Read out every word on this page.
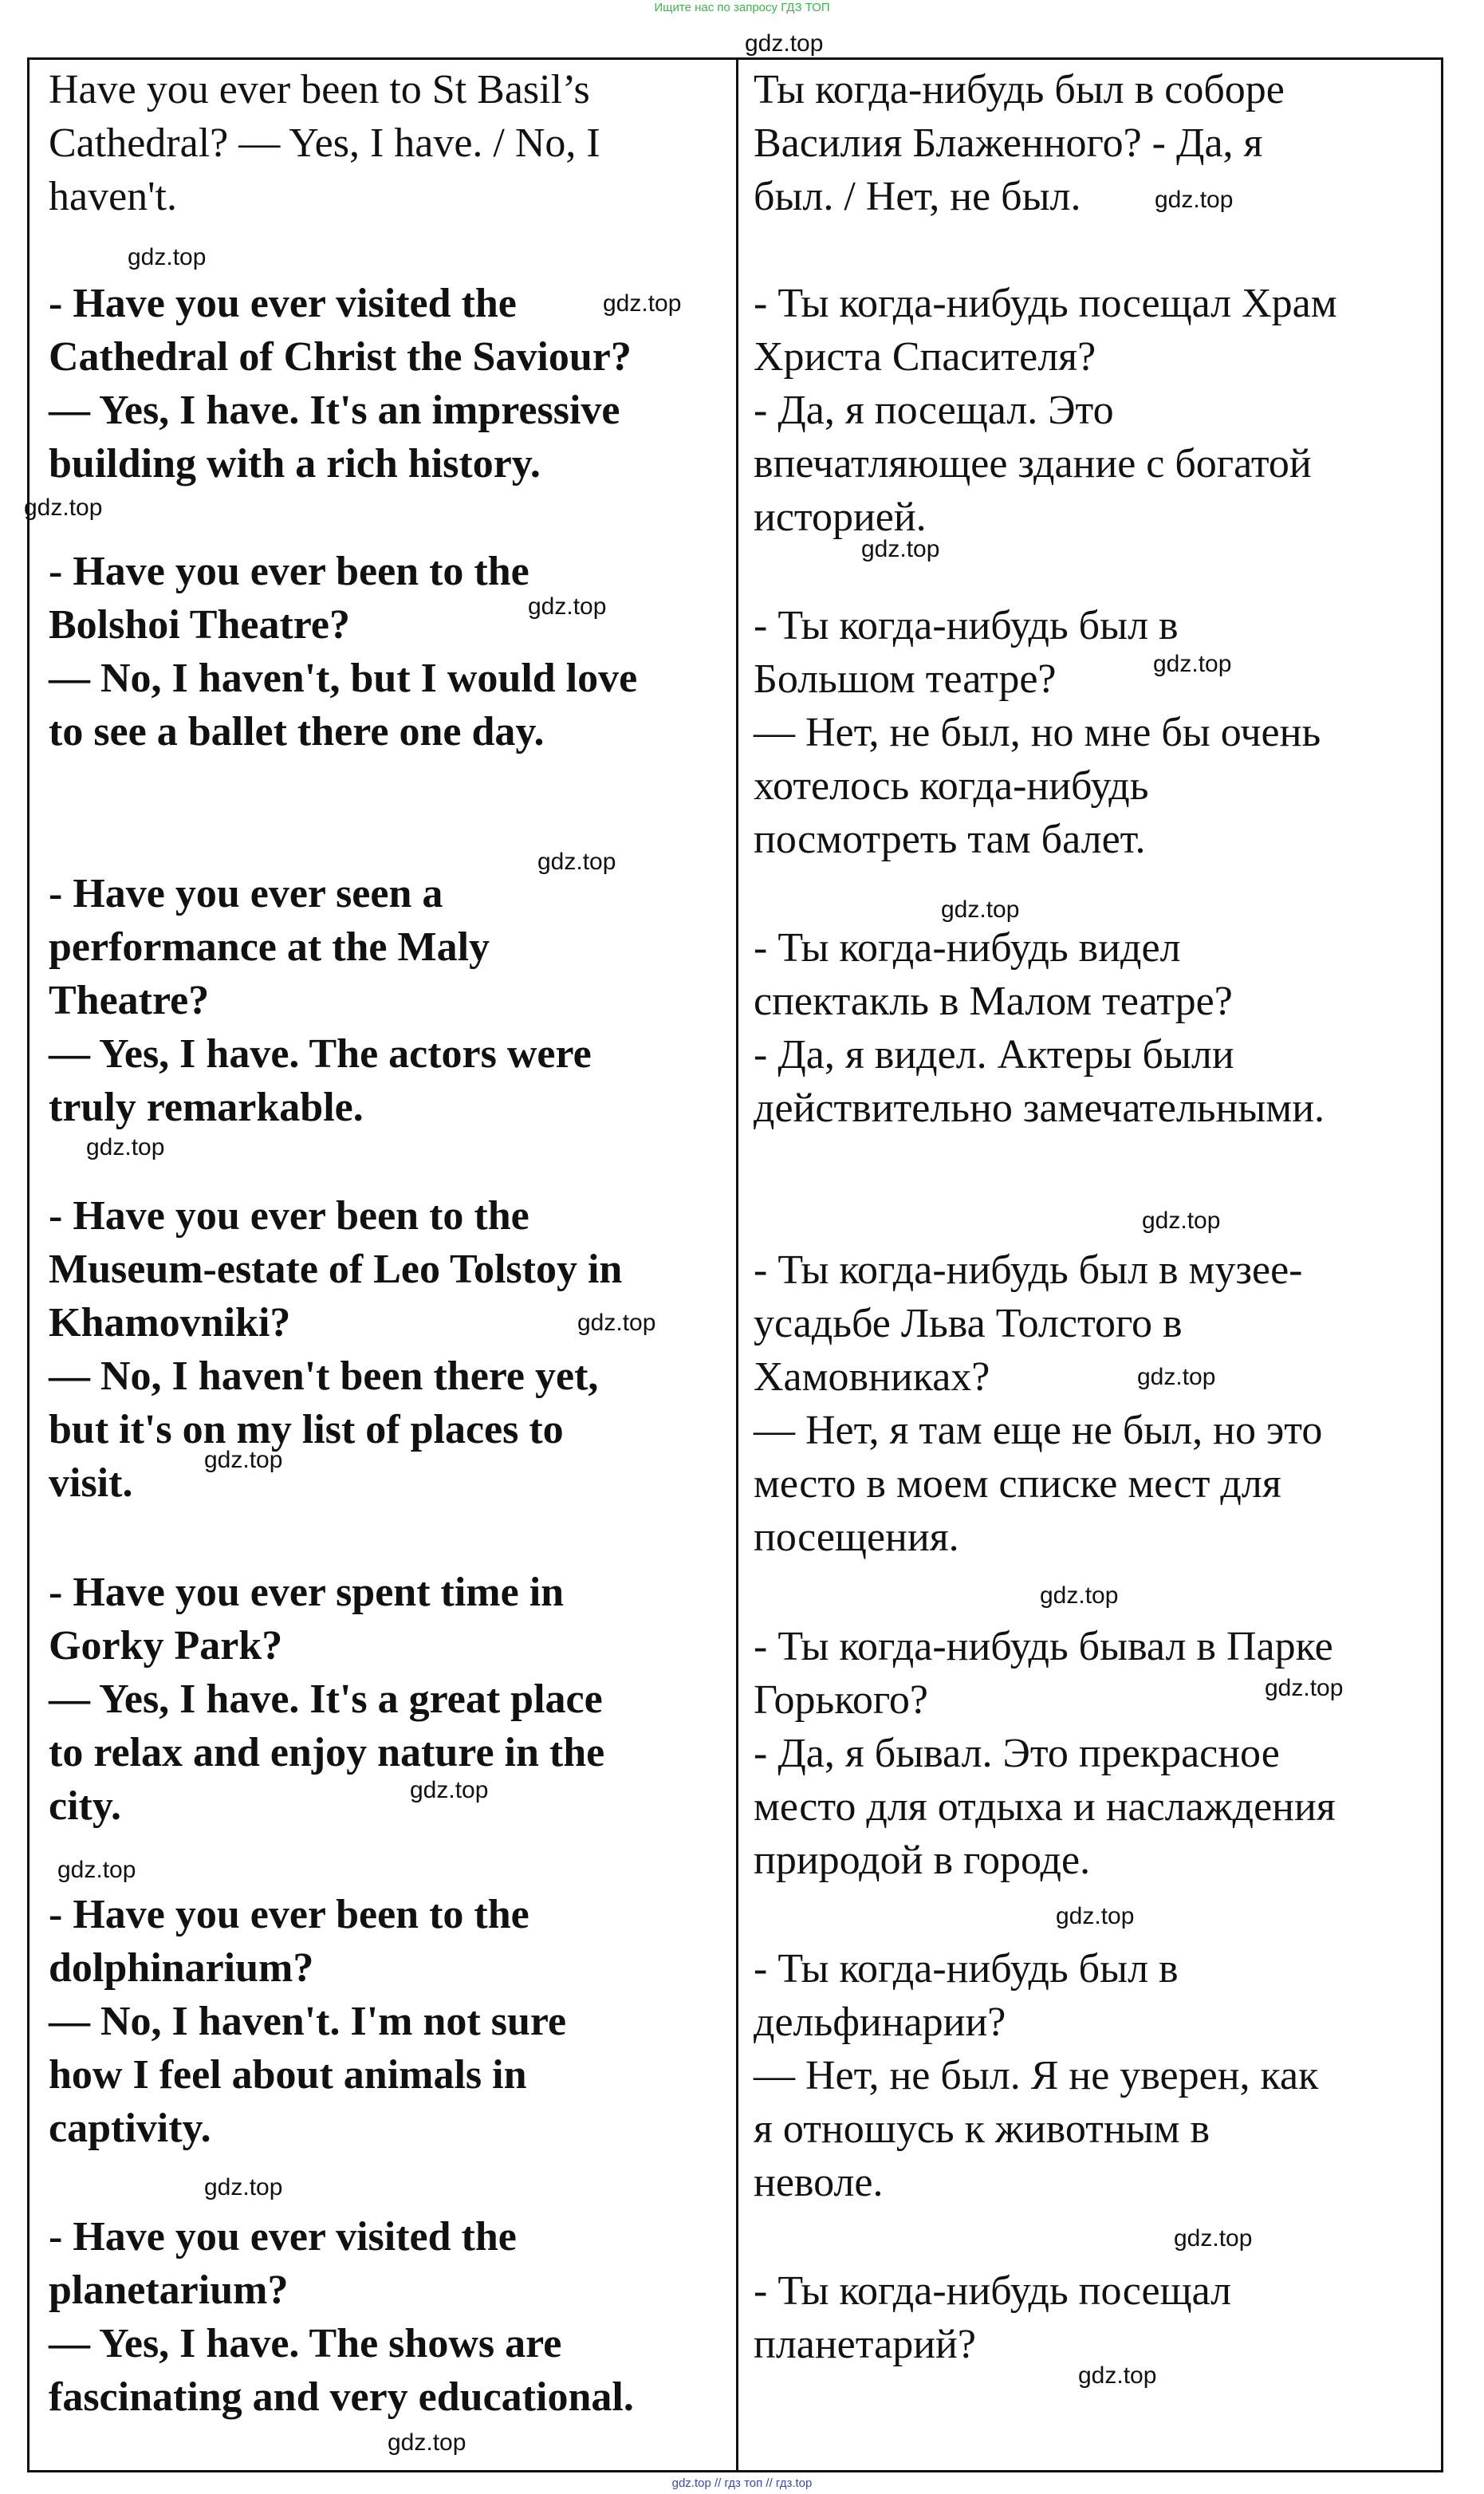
Ищите нас по запросу ГДЗ ТОП
Have you ever been to St Basil’s
Cathedral? — Yes, I have. / No, I
haven't.
Ты когда-нибудь был в соборе
Василия Блаженного? - Да, я
был. / Нет, не был.
- Have you ever visited the
Cathedral of Christ the Saviour?
— Yes, I have. It's an impressive
building with a rich history.
- Ты когда-нибудь посещал Храм
Христа Спасителя?
- Да, я посещал. Это
впечатляющее здание с богатой
историей.
- Have you ever been to the
Bolshoi Theatre?
— No, I haven't, but I would love
to see a ballet there one day.
- Ты когда-нибудь был в
Большом театре?
— Нет, не был, но мне бы очень
хотелось когда-нибудь
посмотреть там балет.
- Have you ever seen a
performance at the Maly
Theatre?
— Yes, I have. The actors were
truly remarkable.
- Ты когда-нибудь видел
спектакль в Малом театре?
- Да, я видел. Актеры были
действительно замечательными.
- Have you ever been to the
Museum-estate of Leo Tolstoy in
Khamovniki?
— No, I haven't been there yet,
but it's on my list of places to
visit.
- Ты когда-нибудь был в музее-
усадьбе Льва Толстого в
Хамовниках?
— Нет, я там еще не был, но это
место в моем списке мест для
посещения.
- Have you ever spent time in
Gorky Park?
— Yes, I have. It's a great place
to relax and enjoy nature in the
city.
- Ты когда-нибудь бывал в Парке
Горького?
- Да, я бывал. Это прекрасное
место для отдыха и наслаждения
природой в городе.
- Have you ever been to the
dolphinarium?
— No, I haven't. I'm not sure
how I feel about animals in
captivity.
- Ты когда-нибудь был в
дельфинарии?
— Нет, не был. Я не уверен, как
я отношусь к животным в
неволе.
- Have you ever visited the
planetarium?
— Yes, I have. The shows are
fascinating and very educational.
- Ты когда-нибудь посещал
планетарий?
gdz.top
gdz.top
gdz.top
gdz.top
gdz.top
gdz.top
gdz.top
gdz.top
gdz.top
gdz.top
gdz.top
gdz.top
gdz.top
gdz.top
gdz.top
gdz.top
gdz.top
gdz.top
gdz.top
gdz.top
gdz.top
gdz.top
gdz.top
gdz.top
gdz.top // гдз топ // гдз.top
